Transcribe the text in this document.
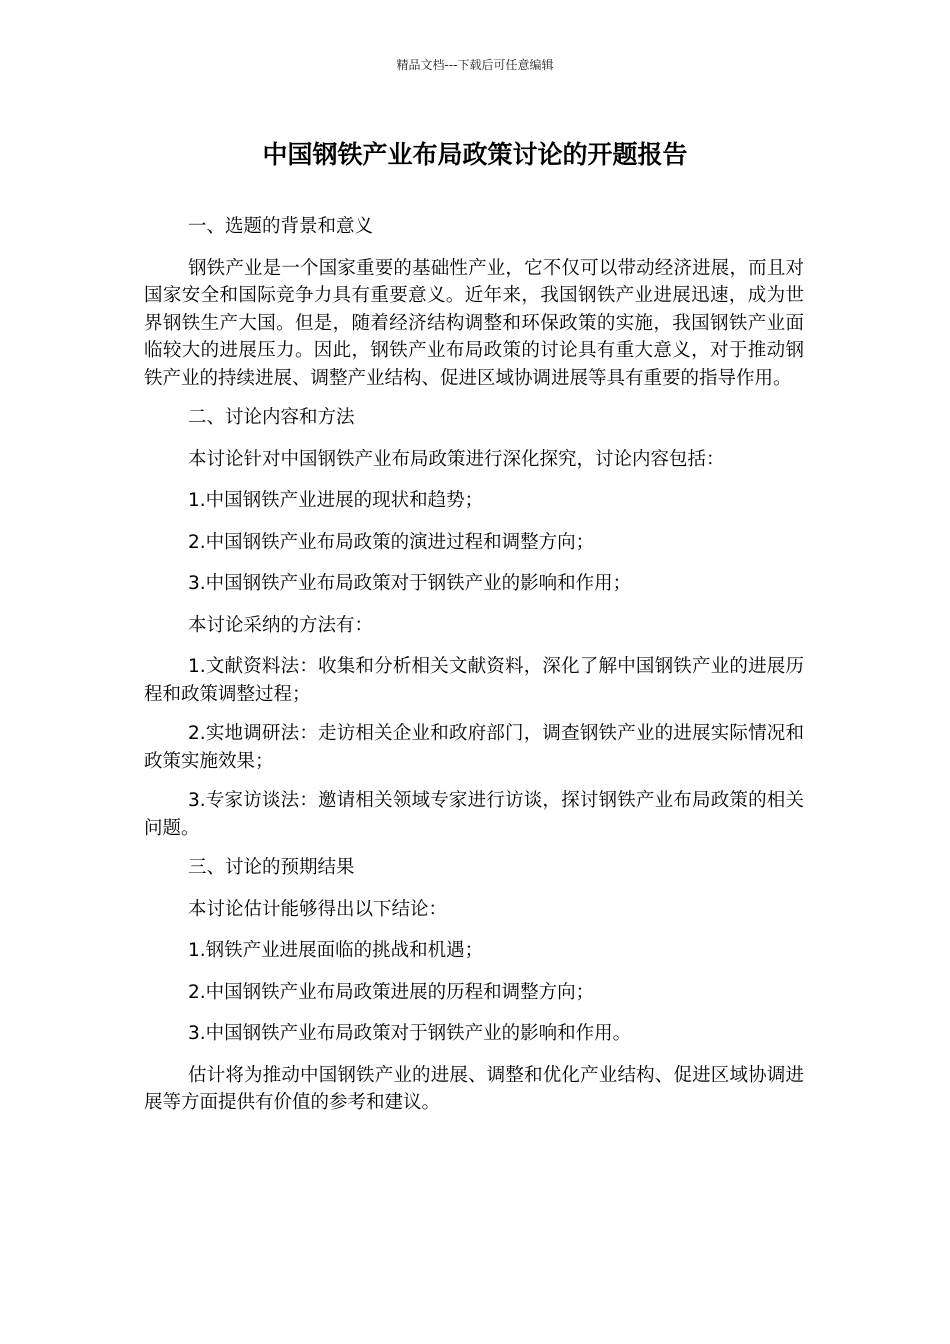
精品文档---下载后可任意编辑
中国钢铁产业布局政策讨论的开题报告

一、选题的背景和意义

钢铁产业是一个国家重要的基础性产业，它不仅可以带动经济进展，而且对国家安全和国际竞争力具有重要意义。近年来，我国钢铁产业进展迅速，成为世界钢铁生产大国。但是，随着经济结构调整和环保政策的实施，我国钢铁产业面临较大的进展压力。因此，钢铁产业布局政策的讨论具有重大意义，对于推动钢铁产业的持续进展、调整产业结构、促进区域协调进展等具有重要的指导作用。

二、讨论内容和方法

本讨论针对中国钢铁产业布局政策进行深化探究，讨论内容包括：

1.中国钢铁产业进展的现状和趋势；

2.中国钢铁产业布局政策的演进过程和调整方向；

3.中国钢铁产业布局政策对于钢铁产业的影响和作用；

本讨论采纳的方法有：

1.文献资料法：收集和分析相关文献资料，深化了解中国钢铁产业的进展历程和政策调整过程；

2.实地调研法：走访相关企业和政府部门，调查钢铁产业的进展实际情况和政策实施效果；

3.专家访谈法：邀请相关领域专家进行访谈，探讨钢铁产业布局政策的相关问题。

三、讨论的预期结果

本讨论估计能够得出以下结论：

1.钢铁产业进展面临的挑战和机遇；

2.中国钢铁产业布局政策进展的历程和调整方向；

3.中国钢铁产业布局政策对于钢铁产业的影响和作用。

估计将为推动中国钢铁产业的进展、调整和优化产业结构、促进区域协调进展等方面提供有价值的参考和建议。
